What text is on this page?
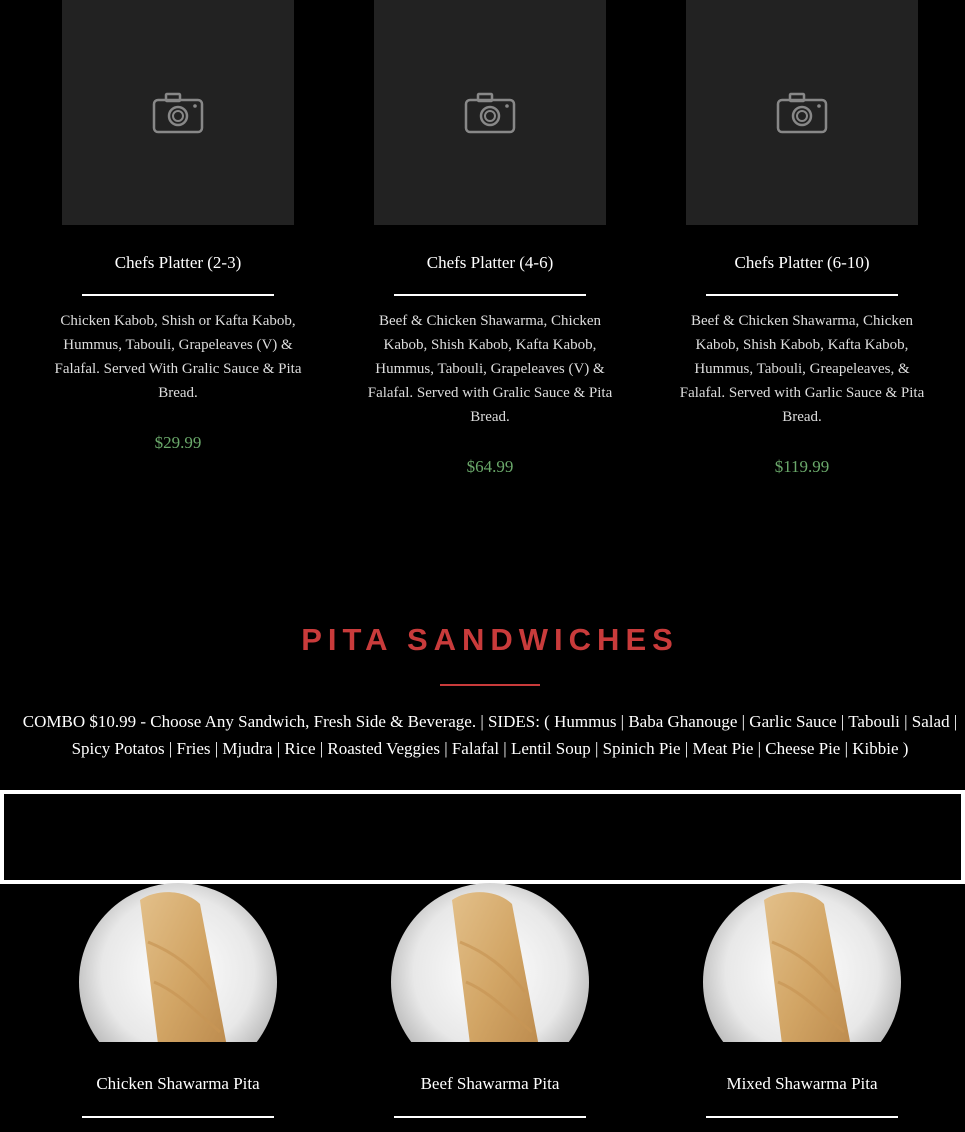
Chefs Platter (2-3)	Chefs Platter (4-6)	Chefs Platter (6-10)
Chicken Kabob, Shish or Kafta Kabob, Hummus, Tabouli, Grapeleaves (V) & Falafal. Served With Gralic Sauce & Pita Bread.
Beef & Chicken Shawarma, Chicken Kabob, Shish Kabob, Kafta Kabob, Hummus, Tabouli, Grapeleaves (V) & Falafal. Served with Gralic Sauce & Pita Bread.
Beef & Chicken Shawarma, Chicken Kabob, Shish Kabob, Kafta Kabob, Hummus, Tabouli, Greapeleaves, & Falafal. Served with Garlic Sauce & Pita Bread.
$29.99
$64.99	$119.99
PITA SANDWICHES
COMBO $10.99 - Choose Any Sandwich, Fresh Side & Beverage. | SIDES: ( Hummus | Baba Ghanouge | Garlic Sauce | Tabouli | Salad | Spicy Potatos | Fries | Mjudra | Rice | Roasted Veggies | Falafal | Lentil Soup | Spinich Pie | Meat Pie | Cheese Pie | Kibbie )
Chicken Shawarma Pita	Beef Shawarma Pita	Mixed Shawarma Pita
